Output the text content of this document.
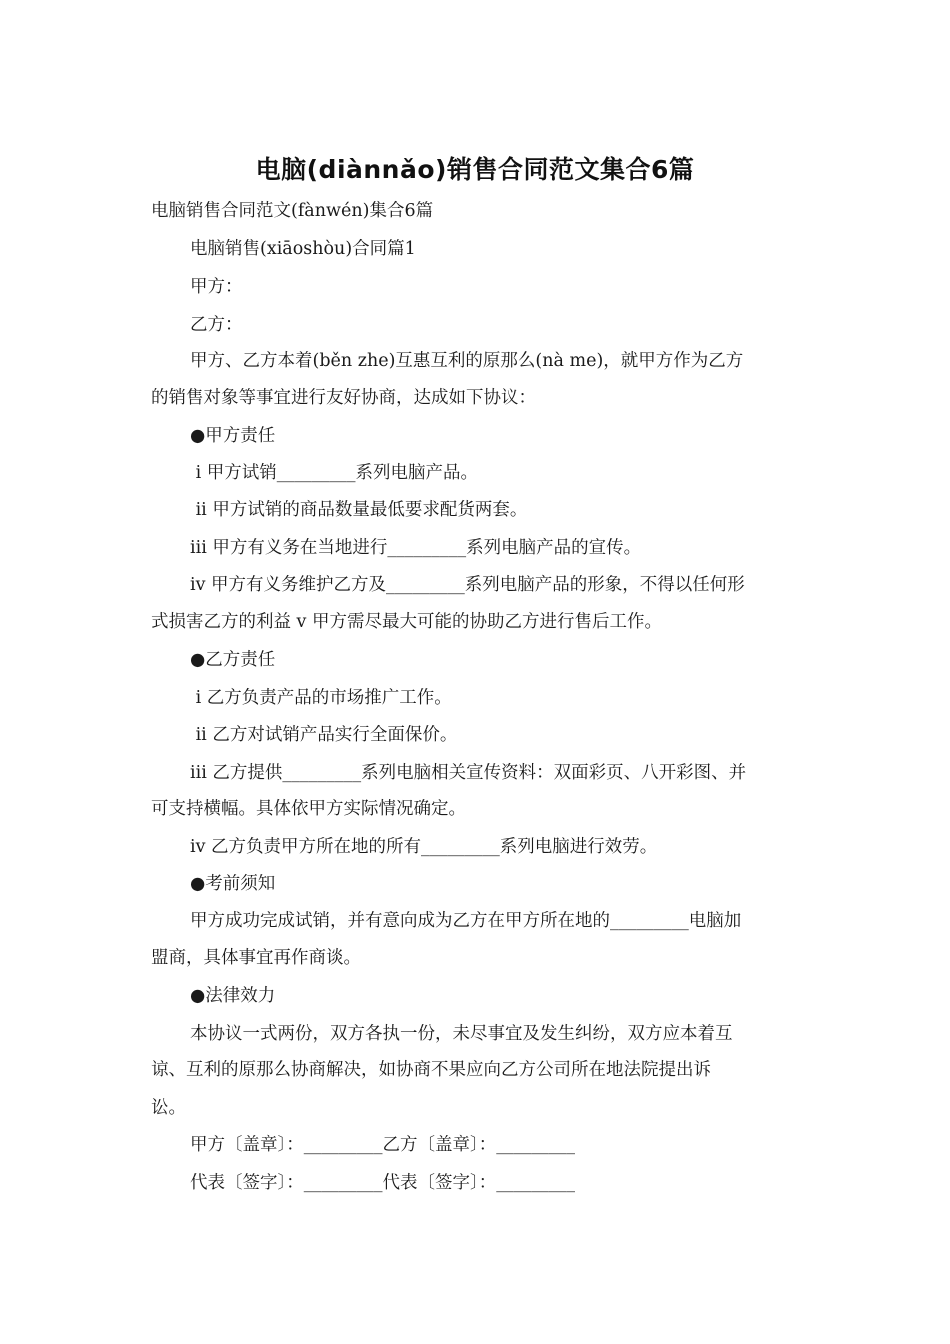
电脑(diànnǎo)销售合同范文集合6篇
电脑销售合同范文(fànwén)集合6篇
电脑销售(xiāoshòu)合同篇1
甲方：
乙方：
甲方、乙方本着(běn zhe)互惠互利的原那么(nà me)，就甲方作为乙方
的销售对象等事宜进行友好协商，达成如下协议：
●甲方责任
i 甲方试销_________系列电脑产品。
ii 甲方试销的商品数量最低要求配货两套。
iii 甲方有义务在当地进行_________系列电脑产品的宣传。
iv 甲方有义务维护乙方及_________系列电脑产品的形象，不得以任何形
式损害乙方的利益 v 甲方需尽最大可能的协助乙方进行售后工作。
●乙方责任
i 乙方负责产品的市场推广工作。
ii 乙方对试销产品实行全面保价。
iii 乙方提供_________系列电脑相关宣传资料：双面彩页、八开彩图、并
可支持横幅。具体依甲方实际情况确定。
iv 乙方负责甲方所在地的所有_________系列电脑进行效劳。
●考前须知
甲方成功完成试销，并有意向成为乙方在甲方所在地的_________电脑加
盟商，具体事宜再作商谈。
●法律效力
本协议一式两份，双方各执一份，未尽事宜及发生纠纷，双方应本着互
谅、互利的原那么协商解决，如协商不果应向乙方公司所在地法院提出诉
讼。
甲方〔盖章〕：_________乙方〔盖章〕：_________
代表〔签字〕：_________代表〔签字〕：_________
